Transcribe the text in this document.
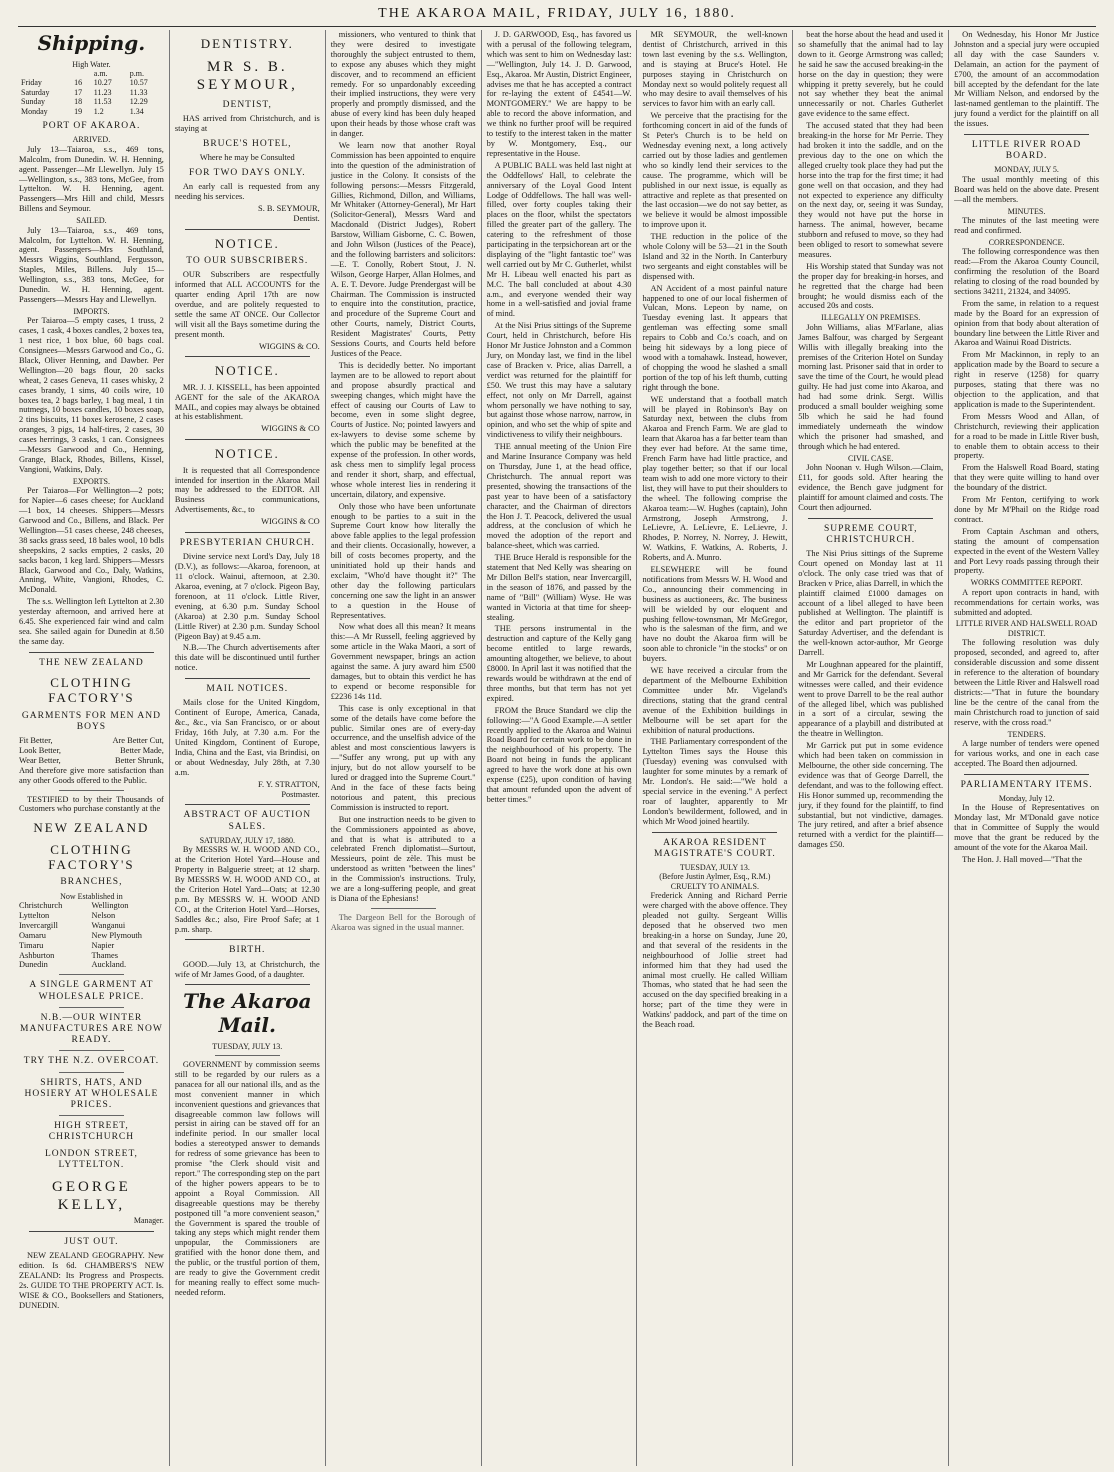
THE AKAROA MAIL, FRIDAY, JULY 16, 1880.
Shipping.
High Water.
		a.m.	p.m.
Friday	16	10.27	10.57
Saturday	17	11.23	11.33
Sunday	18	11.53	12.29
Monday	19	1.2	1.34
PORT OF AKAROA.
ARRIVED.

July 13—Taiaroa, s.s., 469 tons, Malcolm, from Dunedin. W. H. Henning, agent. Passenger—Mr Llewellyn. July 15—Wellington, s.s., 383 tons, McGee, from Lyttelton. W. H. Henning, agent. Passengers—Mrs Hill and child, Messrs Billens and Seymour.

SAILED.

July 13—Taiaroa, s.s., 469 tons, Malcolm, for Lyttelton. W. H. Henning, agent. Passengers—Mrs Southland, Messrs Wiggins, Southland, Fergusson, Staples, Miles, Billens. July 15—Wellington, s.s., 383 tons, McGee, for Dunedin. W. H. Henning, agent. Passengers—Messrs Hay and Llewellyn.

IMPORTS.

Per Taiaroa—5 empty cases, 1 truss, 2 cases, 1 cask, 4 boxes candles, 2 boxes tea, 1 nest rice, 1 box blue, 60 bags coal. Consignees—Messrs Garwood and Co., G. Black, Oliver Henning, and Dawber. Per Wellington—20 bags flour, 20 sacks wheat, 2 cases Geneva, 11 cases whisky, 2 cases brandy, 1 sims, 40 coils wire, 10 boxes tea, 2 bags barley, 1 bag meal, 1 tin nutmegs, 10 boxes candles, 10 boxes soap, 2 tins biscuits, 11 boxes kerosene, 2 cases oranges, 3 pigs, 14 half-tires, 2 cases, 30 cases herrings, 3 casks, 1 can. Consignees—Messrs Garwood and Co., Henning, Grange, Black, Rhodes, Billens, Kissel, Vangioni, Watkins, Daly.

EXPORTS.

Per Taiaroa—For Wellington—2 pots; for Napier—6 cases cheese; for Auckland—1 box, 14 cheeses. Shippers—Messrs Garwood and Co., Billens, and Black. Per Wellington—51 cases cheese, 248 cheeses, 38 sacks grass seed, 18 bales wool, 10 bdls sheepskins, 2 sacks empties, 2 casks, 20 sacks bacon, 1 keg lard. Shippers—Messrs Black, Garwood and Co., Daly, Watkins, Anning, White, Vangioni, Rhodes, C. McDonald.

The s.s. Wellington left Lyttelton at 2.30 yesterday afternoon, and arrived here at 6.45. She experienced fair wind and calm sea. She sailed again for Dunedin at 8.50 the same day.

THE NEW ZEALAND
CLOTHING FACTORY'S
GARMENTS FOR MEN AND BOYS
Fit Better,	Are Better Cut,
Look Better,	Better Made,
Wear Better,	Better Shrunk,

And therefore give more satisfaction than any other Goods offered to the Public.

TESTIFIED to by their Thousands of Customers who purchase constantly at the

NEW ZEALAND
CLOTHING FACTORY'S
BRANCHES,
Now Established in
Christchurch
Lyttelton
Invercargill
Oamaru
Timaru
Ashburton
Dunedin
Wellington
Nelson
Wanganui
New Plymouth
Napier
Thames
Auckland.
A SINGLE GARMENT AT WHOLESALE PRICE.
N.B.—OUR WINTER MANUFACTURES ARE NOW READY.
TRY THE N.Z. OVERCOAT.
SHIRTS, HATS, AND HOSIERY AT WHOLESALE PRICES.
HIGH STREET, CHRISTCHURCH
LONDON STREET, LYTTELTON.
GEORGE KELLY,
Manager.
JUST OUT.

NEW ZEALAND GEOGRAPHY. New edition. Is 6d. CHAMBERS'S NEW ZEALAND: Its Progress and Prospects. 2s. GUIDE TO THE PROPERTY ACT. Is. WISE & CO., Booksellers and Stationers, DUNEDIN.

DENTISTRY.
MR S. B. SEYMOUR,
DENTIST,

HAS arrived from Christchurch, and is staying at

BRUCE'S HOTEL,
Where he may be Consulted
FOR TWO DAYS ONLY.

An early call is requested from any needing his services.

S. B. SEYMOUR,
Dentist.
NOTICE.
TO OUR SUBSCRIBERS.

OUR Subscribers are respectfully informed that ALL ACCOUNTS for the quarter ending April 17th are now overdue, and are politely requested to settle the same AT ONCE. Our Collector will visit all the Bays sometime during the present month.

WIGGINS & CO.
NOTICE.

MR. J. J. KISSELL, has been appointed AGENT for the sale of the AKAROA MAIL, and copies may always be obtained at his establishment.

WIGGINS & CO
NOTICE.

It is requested that all Correspondence intended for insertion in the Akaroa Mail may be addressed to the EDITOR. All Business communications, Advertisements, &c., to

WIGGINS & CO
PRESBYTERIAN CHURCH.

Divine service next Lord's Day, July 18 (D.V.), as follows:—Akaroa, forenoon, at 11 o'clock. Wainui, afternoon, at 2.30. Akaroa, evening, at 7 o'clock. Pigeon Bay, forenoon, at 11 o'clock. Little River, evening, at 6.30 p.m. Sunday School (Akaroa) at 2.30 p.m. Sunday School (Little River) at 2.30 p.m. Sunday School (Pigeon Bay) at 9.45 a.m.

N.B.—The Church advertisements after this date will be discontinued until further notice.

MAIL NOTICES.

Mails close for the United Kingdom, Continent of Europe, America, Canada, &c., &c., via San Francisco, or or about Friday, 16th July, at 7.30 a.m. For the United Kingdom, Continent of Europe, India, China and the East, via Brindisi, on or about Wednesday, July 28th, at 7.30 a.m.

F. Y. STRATTON,
Postmaster.
ABSTRACT OF AUCTION SALES.
SATURDAY, JULY 17, 1880.

By MESSRS W. H. WOOD AND CO., at the Criterion Hotel Yard—House and Property in Balguerie street; at 12 sharp. By MESSRS W. H. WOOD AND CO., at the Criterion Hotel Yard—Oats; at 12.30 p.m. By MESSRS W. H. WOOD AND CO., at the Criterion Hotel Yard—Horses, Saddles &c.; also, Fire Proof Safe; at 1 p.m. sharp.

BIRTH.

GOOD.—July 13, at Christchurch, the wife of Mr James Good, of a daughter.

The Akaroa Mail.
TUESDAY, JULY 13.

GOVERNMENT by commission seems still to be regarded by our rulers as a panacea for all our national ills, and as the most convenient manner in which inconvenient questions and grievances that disagreeable common law follows will persist in airing can be staved off for an indefinite period. In our smaller local bodies a stereotyped answer to demands for redress of some grievance has been to promise "the Clerk should visit and report." The corresponding step on the part of the higher powers appears to be to appoint a Royal Commission. All disagreeable questions may be thereby postponed till "a more convenient season," the Government is spared the trouble of taking any steps which might render them unpopular, the Commissioners are gratified with the honor done them, and the public, or the trustful portion of them, are ready to give the Government credit for meaning really to effect some much-needed reform.

missioners, who ventured to think that they were desired to investigate thoroughly the subject entrusted to them, to expose any abuses which they might discover, and to recommend an efficient remedy. For so unpardonably exceeding their implied instructions, they were very properly and promptly dismissed, and the abuse of every kind has been duly heaped upon their heads by those whose craft was in danger.

We learn now that another Royal Commission has been appointed to enquire into the question of the administration of justice in the Colony. It consists of the following persons:—Messrs Fitzgerald, Gillies, Richmond, Dillon, and Williams, Mr Whitaker (Attorney-General), Mr Hart (Solicitor-General), Messrs Ward and Macdonald (District Judges), Robert Barstow, William Gisborne, C. C. Bowen, and John Wilson (Justices of the Peace), and the following barristers and solicitors:—E. T. Conolly, Robert Stout, J. N. Wilson, George Harper, Allan Holmes, and A. E. T. Devore. Judge Prendergast will be Chairman. The Commission is instructed to enquire into the constitution, practice, and procedure of the Supreme Court and other Courts, namely, District Courts, Resident Magistrates' Courts, Petty Sessions Courts, and Courts held before Justices of the Peace.

This is decidedly better. No important laymen are to be allowed to report about and propose absurdly practical and sweeping changes, which might have the effect of causing our Courts of Law to become, even in some slight degree, Courts of Justice. No; pointed lawyers and ex-lawyers to devise some scheme by which the public may be benefited at the expense of the profession. In other words, ask chess men to simplify legal process and render it short, sharp, and effectual, whose whole interest lies in rendering it uncertain, dilatory, and expensive.

Only those who have been unfortunate enough to be parties to a suit in the Supreme Court know how literally the above fable applies to the legal profession and their clients. Occasionally, however, a bill of costs becomes property, and the uninitiated hold up their hands and exclaim, "Who'd have thought it?" The other day the following particulars concerning one saw the light in an answer to a question in the House of Representatives.

Now what does all this mean? It means this:—A Mr Russell, feeling aggrieved by some article in the Waka Maori, a sort of Government newspaper, brings an action against the same. A jury award him £500 damages, but to obtain this verdict he has to expend or become responsible for £2236 14s 11d.

This case is only exceptional in that some of the details have come before the public. Similar ones are of every-day occurrence, and the unselfish advice of the ablest and most conscientious lawyers is—"Suffer any wrong, put up with any injury, but do not allow yourself to be lured or dragged into the Supreme Court." And in the face of these facts being notorious and patent, this precious Commission is instructed to report.

But one instruction needs to be given to the Commissioners appointed as above, and that is what is attributed to a celebrated French diplomatist—Surtout, Messieurs, point de zèle. This must be understood as written "between the lines" in the Commission's instructions. Truly, we are a long-suffering people, and great is Diana of the Ephesians!

The Dargeon Bell for the Borough of Akaroa was signed in the usual manner.

J. D. GARWOOD, Esq., has favored us with a perusal of the following telegram, which was sent to him on Wednesday last:—"Wellington, July 14. J. D. Garwood, Esq., Akaroa. Mr Austin, District Engineer, advises me that he has accepted a contract for re-laying the extent of £4541—W. MONTGOMERY." We are happy to be able to record the above information, and we think no further proof will be required to testify to the interest taken in the matter by W. Montgomery, Esq., our representative in the House.

A PUBLIC BALL was held last night at the Oddfellows' Hall, to celebrate the anniversary of the Loyal Good Intent Lodge of Oddfellows. The hall was well-filled, over forty couples taking their places on the floor, whilst the spectators filled the greater part of the gallery. The catering to the refreshment of those participating in the terpsichorean art or the displaying of the "light fantastic toe" was well carried out by Mr C. Gutherlet, whilst Mr H. Libeau well enacted his part as M.C. The ball concluded at about 4.30 a.m., and everyone wended their way home in a well-satisfied and jovial frame of mind.

At the Nisi Prius sittings of the Supreme Court, held in Christchurch, before His Honor Mr Justice Johnston and a Common Jury, on Monday last, we find in the libel case of Bracken v. Price, alias Darrell, a verdict was returned for the plaintiff for £50. We trust this may have a salutary effect, not only on Mr Darrell, against whom personally we have nothing to say, but against those whose narrow, narrow, in opinion, and who set the whip of spite and vindictiveness to vilify their neighbours.

THE annual meeting of the Union Fire and Marine Insurance Company was held on Thursday, June 1, at the head office, Christchurch. The annual report was presented, showing the transactions of the past year to have been of a satisfactory character, and the Chairman of directors the Hon J. T. Peacock, delivered the usual address, at the conclusion of which he moved the adoption of the report and balance-sheet, which was carried.

THE Bruce Herald is responsible for the statement that Ned Kelly was shearing on Mr Dillon Bell's station, near Invercargill, in the season of 1876, and passed by the name of "Bill" (William) Wyse. He was wanted in Victoria at that time for sheep-stealing.

THE persons instrumental in the destruction and capture of the Kelly gang become entitled to large rewards, amounting altogether, we believe, to about £8000. In April last it was notified that the rewards would be withdrawn at the end of three months, but that term has not yet expired.

FROM the Bruce Standard we clip the following:—"A Good Example.—A settler recently applied to the Akaroa and Wainui Road Board for certain work to be done in the neighbourhood of his property. The Board not being in funds the applicant agreed to have the work done at his own expense (£25), upon condition of having that amount refunded upon the advent of better times."

MR SEYMOUR, the well-known dentist of Christchurch, arrived in this town last evening by the s.s. Wellington, and is staying at Bruce's Hotel. He purposes staying in Christchurch on Monday next so would politely request all who may desire to avail themselves of his services to favor him with an early call.

We perceive that the practising for the forthcoming concert in aid of the funds of St Peter's Church is to be held on Wednesday evening next, a long actively carried out by those ladies and gentlemen who so kindly lend their services to the cause. The programme, which will be published in our next issue, is equally as attractive and replete as that presented on the last occasion—we do not say better, as we believe it would be almost impossible to improve upon it.

THE reduction in the police of the whole Colony will be 53—21 in the South Island and 32 in the North. In Canterbury two sergeants and eight constables will be dispensed with.

AN Accident of a most painful nature happened to one of our local fishermen of Vulcan, Mons. Lepeon by name, on Tuesday evening last. It appears that gentleman was effecting some small repairs to Cobb and Co.'s coach, and on being hit sideways by a long piece of wood with a tomahawk. Instead, however, of chopping the wood he slashed a small portion of the top of his left thumb, cutting right through the bone.

WE understand that a football match will be played in Robinson's Bay on Saturday next, between the clubs from Akaroa and French Farm. We are glad to learn that Akaroa has a far better team than they ever had before. At the same time, French Farm have had little practice, and play together better; so that if our local team wish to add one more victory to their list, they will have to put their shoulders to the wheel. The following comprise the Akaroa team:—W. Hughes (captain), John Armstrong, Joseph Armstrong, J. LeLievre, A. LeLievre, E. LeLievre, J. Rhodes, P. Norrey, N. Norrey, J. Hewitt, W. Watkins, F. Watkins, A. Roberts, J. Roberts, and A. Munro.

ELSEWHERE will be found notifications from Messrs W. H. Wood and Co., announcing their commencing in business as auctioneers, &c. The business will be wielded by our eloquent and pushing fellow-townsman, Mr McGregor, who is the salesman of the firm, and we have no doubt the Akaroa firm will be soon able to chronicle "in the stocks" or on buyers.

WE have received a circular from the department of the Melbourne Exhibition Committee under Mr. Vigeland's directions, stating that the grand central avenue of the Exhibition buildings in Melbourne will be set apart for the exhibition of natural productions.

THE Parliamentary correspondent of the Lyttelton Times says the House this (Tuesday) evening was convulsed with laughter for some minutes by a remark of Mr. London's. He said:—"We hold a special service in the evening." A perfect roar of laughter, apparently to Mr London's bewilderment, followed, and in which Mr Wood joined heartily.

AKAROA RESIDENT MAGISTRATE'S COURT.
TUESDAY, JULY 13.
(Before Justin Aylmer, Esq., R.M.)
CRUELTY TO ANIMALS.

Frederick Anning and Richard Perrie were charged with the above offence. They pleaded not guilty. Sergeant Willis deposed that he observed two men breaking-in a horse on Sunday, June 20, and that several of the residents in the neighbourhood of Jollie street had informed him that they had used the animal most cruelly. He called William Thomas, who stated that he had seen the accused on the day specified breaking in a horse; part of the time they were in Watkins' paddock, and part of the time on the Beach road.

beat the horse about the head and used it so shamefully that the animal had to lay down to it. George Armstrong was called; he said he saw the accused breaking-in the horse on the day in question; they were whipping it pretty severely, but he could not say whether they beat the animal unnecessarily or not. Charles Gutherlet gave evidence to the same effect.

The accused stated that they had been breaking-in the horse for Mr Perrie. They had broken it into the saddle, and on the previous day to the one on which the alleged cruelty took place they had put the horse into the trap for the first time; it had gone well on that occasion, and they had not expected to experience any difficulty on the next day, or, seeing it was Sunday, they would not have put the horse in harness. The animal, however, became stubborn and refused to move, so they had been obliged to resort to somewhat severe measures.

His Worship stated that Sunday was not the proper day for breaking-in horses, and he regretted that the charge had been brought; he would dismiss each of the accused 20s and costs.

ILLEGALLY ON PREMISES.

John Williams, alias M'Farlane, alias James Balfour, was charged by Sergeant Willis with illegally breaking into the premises of the Criterion Hotel on Sunday morning last. Prisoner said that in order to save the time of the Court, he would plead guilty. He had just come into Akaroa, and had had some drink. Sergt. Willis produced a small boulder weighing some 5lb which he said he had found immediately underneath the window which the prisoner had smashed, and through which he had entered.

CIVIL CASE.

John Noonan v. Hugh Wilson.—Claim, £11, for goods sold. After hearing the evidence, the Bench gave judgment for plaintiff for amount claimed and costs. The Court then adjourned.

SUPREME COURT, CHRISTCHURCH.

The Nisi Prius sittings of the Supreme Court opened on Monday last at 11 o'clock. The only case tried was that of Bracken v Price, alias Darrell, in which the plaintiff claimed £1000 damages on account of a libel alleged to have been published at Wellington. The plaintiff is the editor and part proprietor of the Saturday Advertiser, and the defendant is the well-known actor-author, Mr George Darrell.

Mr Loughnan appeared for the plaintiff, and Mr Garrick for the defendant. Several witnesses were called, and their evidence went to prove Darrell to be the real author of the alleged libel, which was published in a sort of a circular, sewing the appearance of a playbill and distributed at the theatre in Wellington.

Mr Garrick put put in some evidence which had been taken on commission in Melbourne, the other side concerning. The evidence was that of George Darrell, the defendant, and was to the following effect. His Honor summed up, recommending the jury, if they found for the plaintiff, to find substantial, but not vindictive, damages. The jury retired, and after a brief absence returned with a verdict for the plaintiff—damages £50.

On Wednesday, his Honor Mr Justice Johnston and a special jury were occupied all day with the case Saunders v. Delamain, an action for the payment of £700, the amount of an accommodation bill accepted by the defendant for the late Mr William Nelson, and endorsed by the last-named gentleman to the plaintiff. The jury found a verdict for the plaintiff on all the issues.

LITTLE RIVER ROAD BOARD.
MONDAY, JULY 5.

The usual monthly meeting of this Board was held on the above date. Present—all the members.

MINUTES.

The minutes of the last meeting were read and confirmed.

CORRESPONDENCE.

The following correspondence was then read:—From the Akaroa County Council, confirming the resolution of the Board relating to closing of the road bounded by sections 34211, 21324, and 34095.

From the same, in relation to a request made by the Board for an expression of opinion from that body about alteration of boundary line between the Little River and Akaroa and Wainui Road Districts.

From Mr Mackinnon, in reply to an application made by the Board to secure a right in reserve (1258) for quarry purposes, stating that there was no objection to the application, and that application is made to the Superintendent.

From Messrs Wood and Allan, of Christchurch, reviewing their application for a road to be made in Little River bush, to enable them to obtain access to their property.

From the Halswell Road Board, stating that they were quite willing to hand over the boundary of the district.

From Mr Fenton, certifying to work done by Mr M'Phail on the Ridge road contract.

From Captain Aschman and others, stating the amount of compensation expected in the event of the Western Valley and Port Levy roads passing through their property.

WORKS COMMITTEE REPORT.

A report upon contracts in hand, with recommendations for certain works, was submitted and adopted.

LITTLE RIVER AND HALSWELL ROAD DISTRICT.

The following resolution was duly proposed, seconded, and agreed to, after considerable discussion and some dissent in reference to the alteration of boundary between the Little River and Halswell road districts:—"That in future the boundary line be the centre of the canal from the main Christchurch road to junction of said reserve, with the cross road."

TENDERS.

A large number of tenders were opened for various works, and one in each case accepted. The Board then adjourned.

PARLIAMENTARY ITEMS.
Monday, July 12.

In the House of Representatives on Monday last, Mr M'Donald gave notice that in Committee of Supply the would move that the grant be reduced by the amount of the vote for the Akaroa Mail.

The Hon. J. Hall moved—"That the
